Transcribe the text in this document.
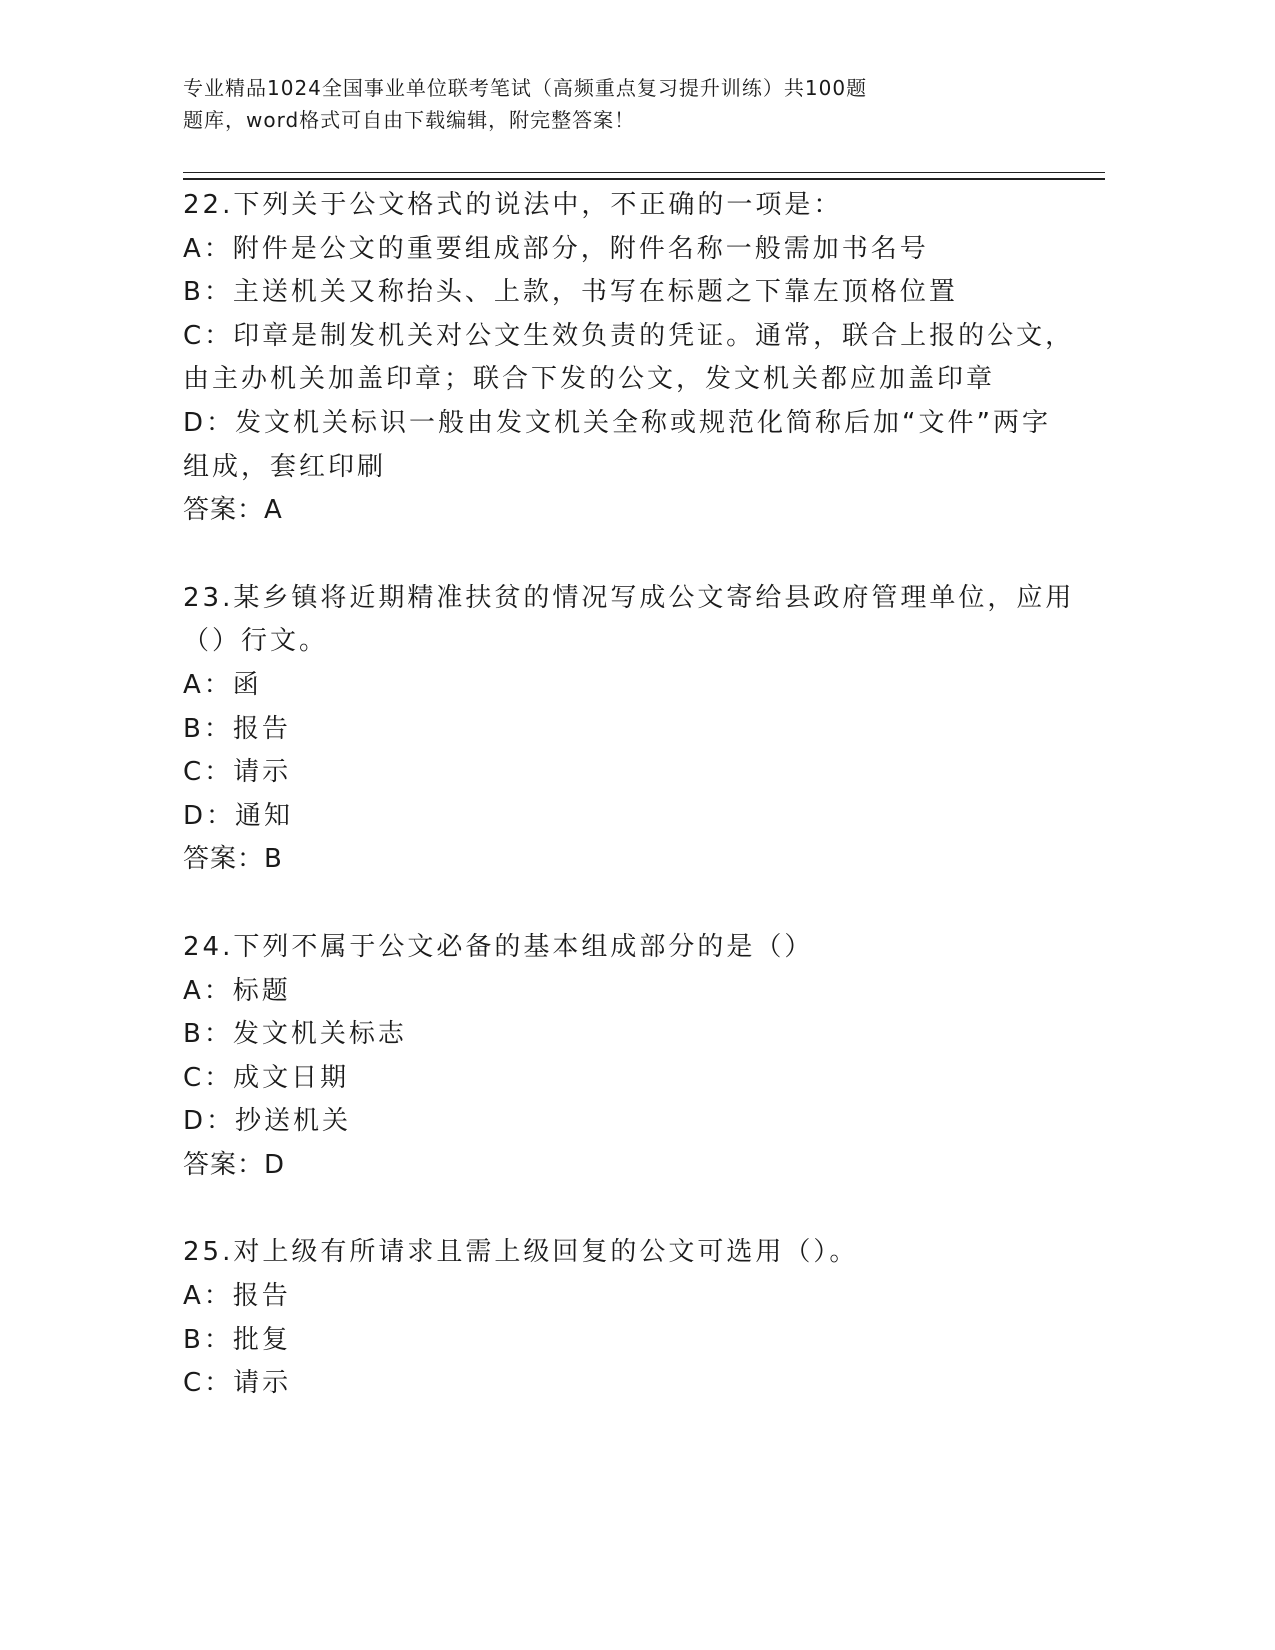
专业精品1024全国事业单位联考笔试（高频重点复习提升训练）共100题
题库，word格式可自由下载编辑，附完整答案！
22.下列关于公文格式的说法中，不正确的一项是：
A：附件是公文的重要组成部分，附件名称一般需加书名号
B：主送机关又称抬头、上款，书写在标题之下靠左顶格位置
C：印章是制发机关对公文生效负责的凭证。通常，联合上报的公文，
由主办机关加盖印章；联合下发的公文，发文机关都应加盖印章
D：发文机关标识一般由发文机关全称或规范化简称后加“文件”两字
组成，套红印刷
答案：A
23.某乡镇将近期精准扶贫的情况写成公文寄给县政府管理单位，应用
（）行文。
A：函
B：报告
C：请示
D：通知
答案：B
24.下列不属于公文必备的基本组成部分的是（）
A：标题
B：发文机关标志
C：成文日期
D：抄送机关
答案：D
25.对上级有所请求且需上级回复的公文可选用（）。
A：报告
B：批复
C：请示
